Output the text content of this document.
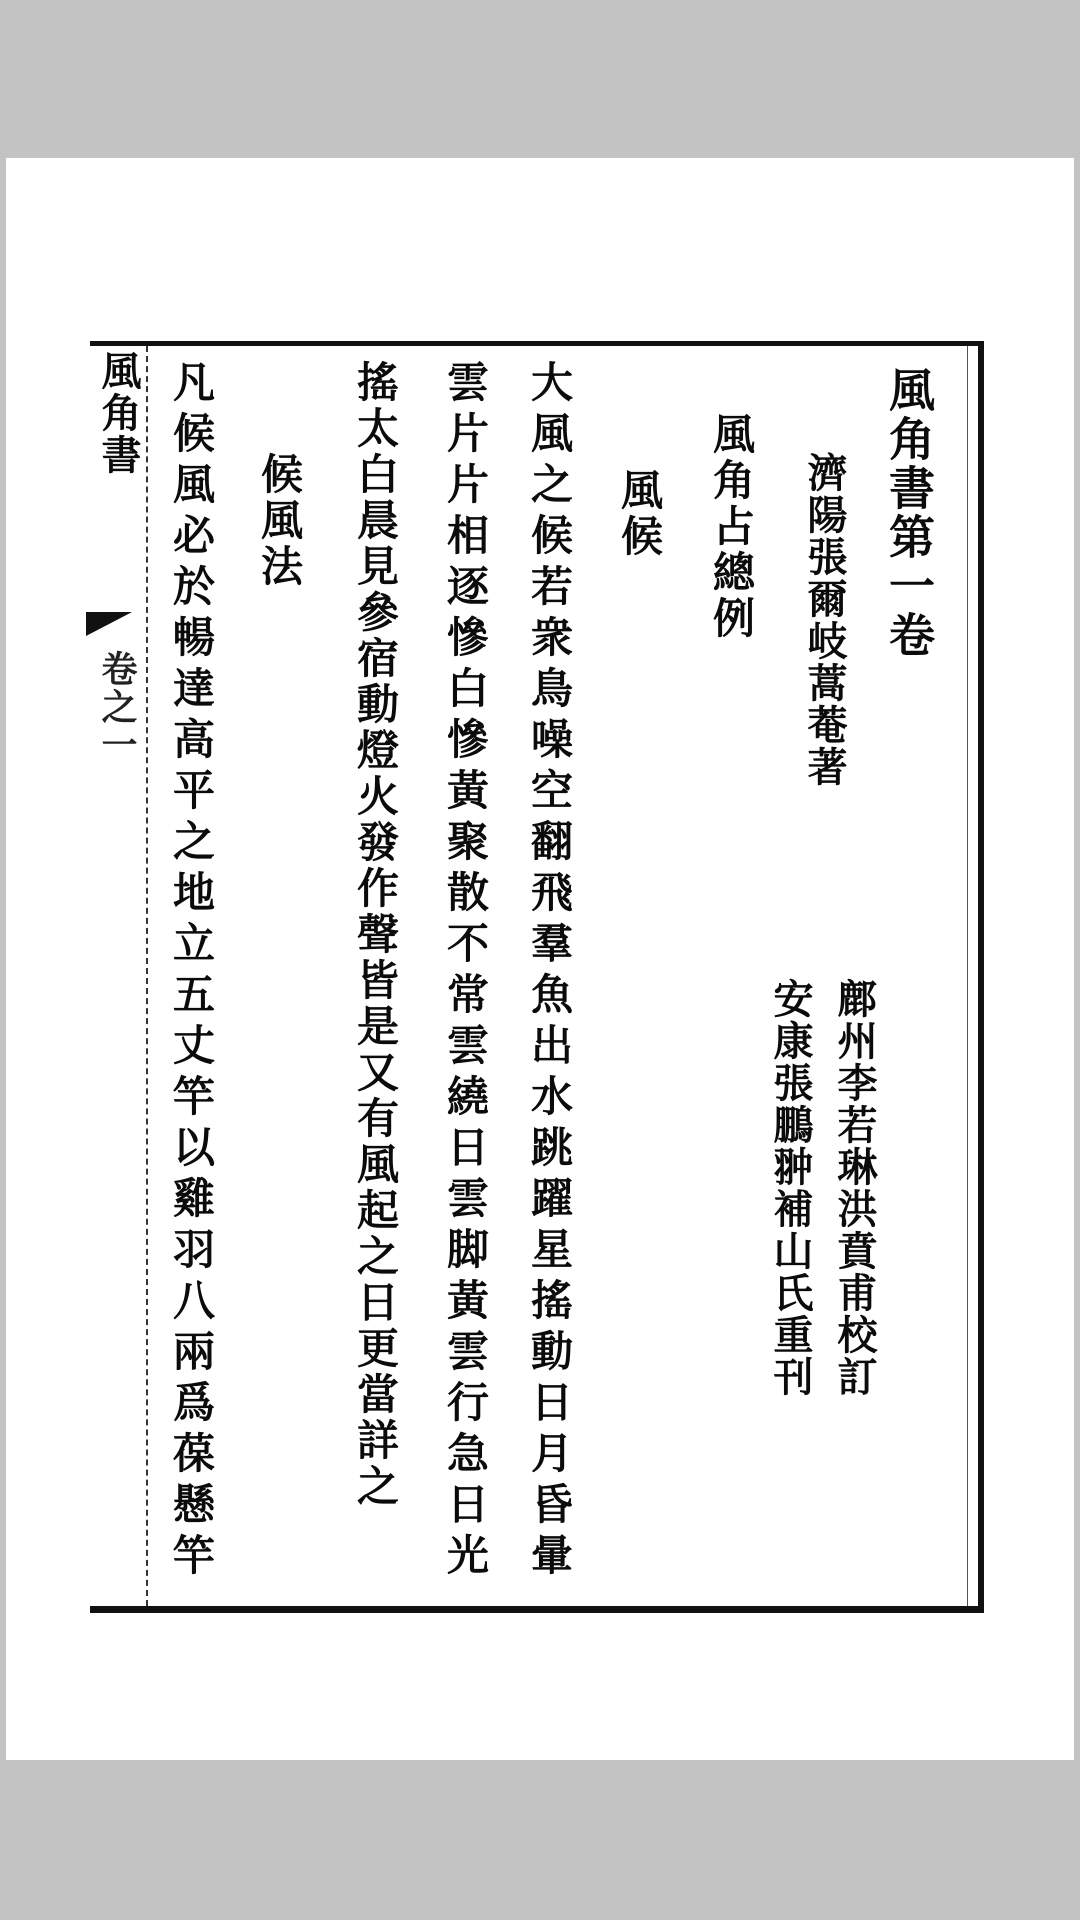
風角書
卷之一
風角書第一卷
濟陽張爾岐蒿菴著
鄜州李若琳洪賁甫校訂
安康張鵬翀補山氏重刊
風角占總例
風候
大風之候若衆鳥噪空翻飛羣魚出水跳躍星搖動日月昏暈
雲片片相逐慘白慘黃聚散不常雲繞日雲脚黃雲行急日光
搖太白晨見參宿動燈火發作聲皆是又有風起之日更當詳之
候風法
凡候風必於暢達高平之地立五丈竿以雞羽八兩爲葆懸竿
